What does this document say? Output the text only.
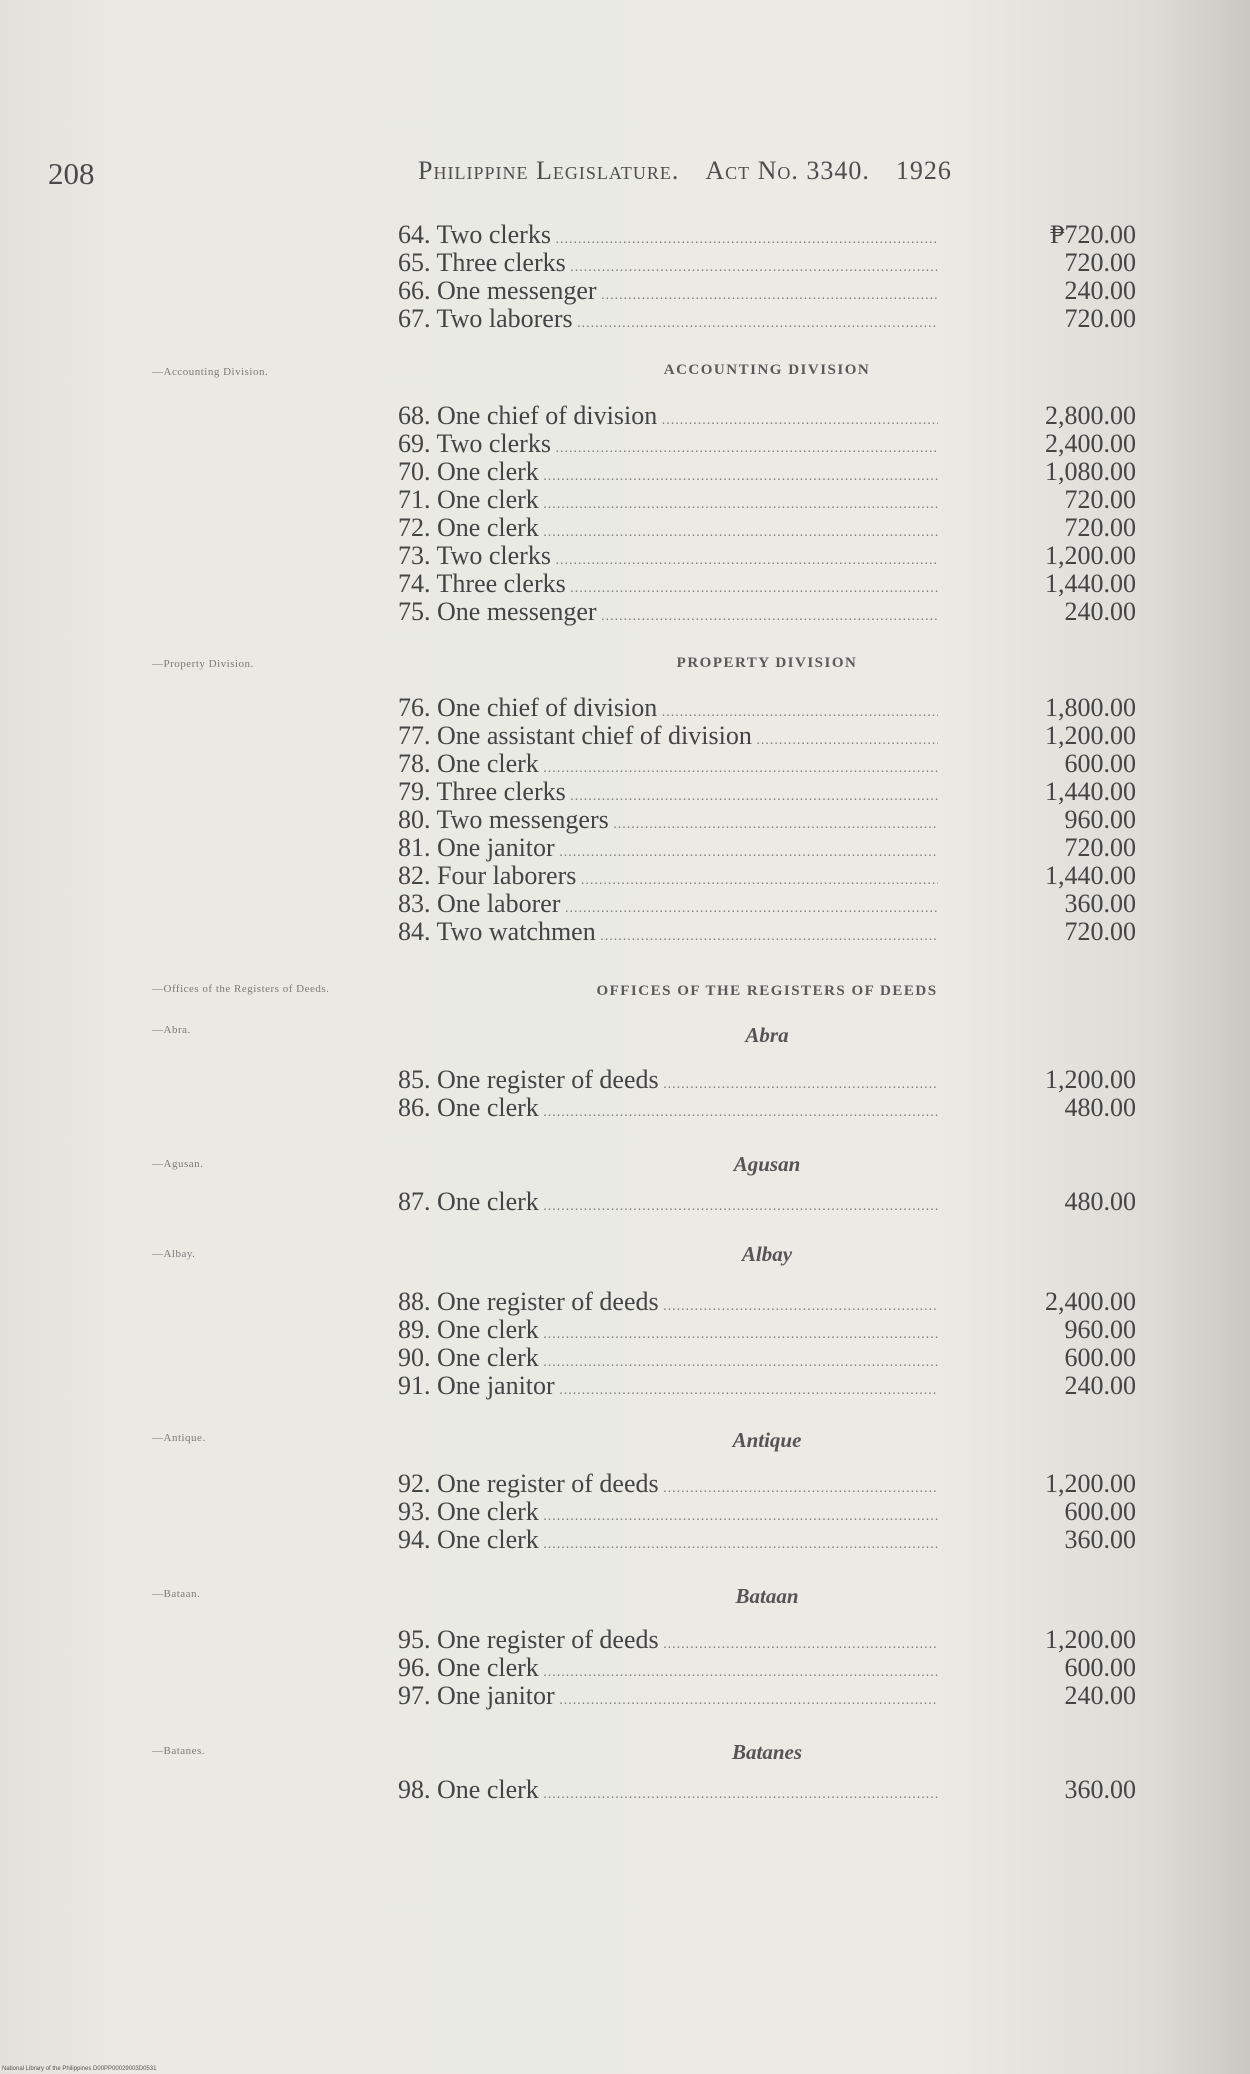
208	Philippine Legislature. Act No. 3340. 1926
—Accounting Division.
—Property Division.
—Offices of the Registers of Deeds.
—Abra.
—Agusan.
—Albay.
—Antique.
—Bataan.
—Batanes.
ACCOUNTING DIVISION
PROPERTY DIVISION
OFFICES OF THE REGISTERS OF DEEDS
Abra
Agusan
Albay
Antique
Bataan
Batanes
64. Two clerks .....	₱720.00
65. Three clerks .....	720.00
66. One messenger .....	240.00
67. Two laborers .....	720.00
68. One chief of division .....	2,800.00
69. Two clerks .....	2,400.00
70. One clerk .....	1,080.00
71. One clerk .....	720.00
72. One clerk .....	720.00
73. Two clerks .....	1,200.00
74. Three clerks .....	1,440.00
75. One messenger .....	240.00
76. One chief of division .....	1,800.00
77. One assistant chief of division .....	1,200.00
78. One clerk .....	600.00
79. Three clerks .....	1,440.00
80. Two messengers .....	960.00
81. One janitor .....	720.00
82. Four laborers .....	1,440.00
83. One laborer .....	360.00
84. Two watchmen .....	720.00
85. One register of deeds .....	1,200.00
86. One clerk .....	480.00
87. One clerk .....	480.00
88. One register of deeds .....	2,400.00
89. One clerk .....	960.00
90. One clerk .....	600.00
91. One janitor .....	240.00
92. One register of deeds .....	1,200.00
93. One clerk .....	600.00
94. One clerk .....	360.00
95. One register of deeds .....	1,200.00
96. One clerk .....	600.00
97. One janitor .....	240.00
98. One clerk .....	360.00
National Library of the Philippines D00PP00029003D0531
